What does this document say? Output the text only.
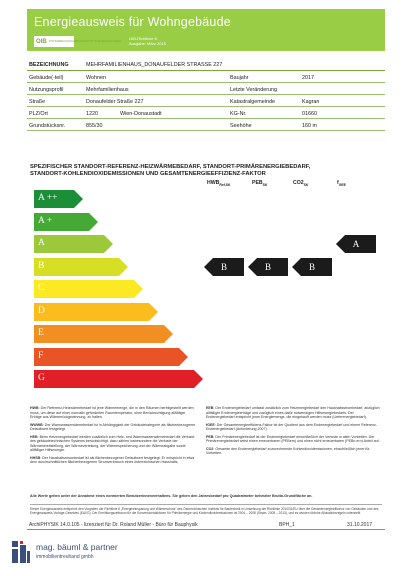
Energieausweis für Wohngebäude
OIB ÖSTERREICHISCHES INSTITUT FÜR BAUTECHNIK OIB-Richtlinie 6
Ausgabe: März 2015
BEZEICHNUNG	MEHRFAMILIENHAUS_DONAUFELDER STRASSE 227
Gebäude(-teil)	Wohnen	Baujahr	2017
Nutzungsprofil	Mehrfamilienhaus	Letzte Veränderung
Straße	Donaufelder Straße 227	Katastralgemeinde	Kagran
PLZ/Ort	1220	Wien-Donaustadt	KG-Nr.	01660
Grundstücksnr.	855/30	Seehöhe	160 m
SPEZIFISCHER STANDORT-REFERENZ-HEIZWÄRMEBEDARF, STANDORT-PRIMÄRENERGIEBEDARF,
STANDORT-KOHLENDIOXIDEMISSIONEN UND GESAMTENERGIEEFFIZIENZ-FAKTOR
$HWB_{Ref,SK}$	$PEB_{SK}$	$CO2_{SK}$	$f_{GEE}$
A ++
A +
A
B
C
D
E
F
G
B	B	B
A

HWB: Der Referenz-Heizwärmebedarf ist jene Wärmemenge, die in den Räumen bereitgestellt werden muss, um diese auf einer normativ geforderten Raumtemperatur, ohne Berücksichtigung allfälliger Erträge aus Wärmerückgewinnung, zu halten.

WWWB: Der Warmwasserwärmebedarf ist in Abhängigkeit der Gebäudekategorie als flächenbezogener Defaultwert festgelegt.

HEB: Beim Heizenergiebedarf werden zusätzlich zum Heiz- und Warmwasserwärmebedarf die Verluste des gebäudetechnischen Systems berücksichtigt, dazu zählen insbesondere die Verluste der Wärmebereitstellung, der Wärmeverteilung, der Wärmespeicherung und der Wärmeabgabe sowie allfälliger Hilfsenergie.

HHSB: Der Haushaltsstrombedarf ist als flächenbezogener Defaultwert festgelegt. Er entspricht in etwa dem durchschnittlichen flächenbezogenen Stromverbrauch eines österreichischen Haushalts.

EEB: Der Endenergiebedarf umfasst zusätzlich zum Heizenergiebedarf den Haushaltsstrombedarf, abzüglich allfälliger Endenergieerträge und zuzüglich eines dafür notwendigen Hilfsenergiebedarfs. Der Endenergiebedarf entspricht jener Energiemenge, die eingekauft werden muss (Lieferenergiebedarf).

fGEE: Der Gesamtenergieeffizienz-Faktor ist der Quotient aus dem Endenergiebedarf und einem Referenz-Endenergiebedarf (Anforderung 2007).

PEB: Der Primärenergiebedarf ist der Endenergiebedarf einschließlich der Verluste in allen Vorketten. Der Primärenergiebedarf weist einen erneuerbaren (PEBern) und einen nicht erneuerbaren (PEBn.ern) Anteil auf.

CO2: Gesamte den Endenergiebedarf zuzurechnende Kohlendioxidemissionen, einschließlich jener für Vorketten.

Alle Werte gelten unter der Annahme eines normierten Benutzerinnenverhaltens. Sie geben den Jahresbedarf pro Quadratmeter beheizter Brutto-Grundfläche an.
Dieser Energieausweis entspricht den Vorgaben der Richtlinie 6 „Energieeinsparung und Wärmeschutz“ des Österreichischen Instituts für Bautechnik in Umsetzung der Richtlinie 2010/31/EU über die Gesamtenergieeffizienz von Gebäuden und des Energieausweis-Vorlage-Gesetzes (EAVG). Der Ermittlungszeitraum für die Konversionsfaktoren für Primärenergie und Kohlendioxidemissionen ist 2004 – 2008 (Strom: 2009 – 2013), und es wurden übliche Allokationsregeln unterstellt.
ArchiPHYSIK 14.0.105 - lizenziert für Dr. Roland Müller - Büro für Bauphysik	BPH_1	31.10.2017
mag. bäuml & partner
immobilientreuhand gmbh
